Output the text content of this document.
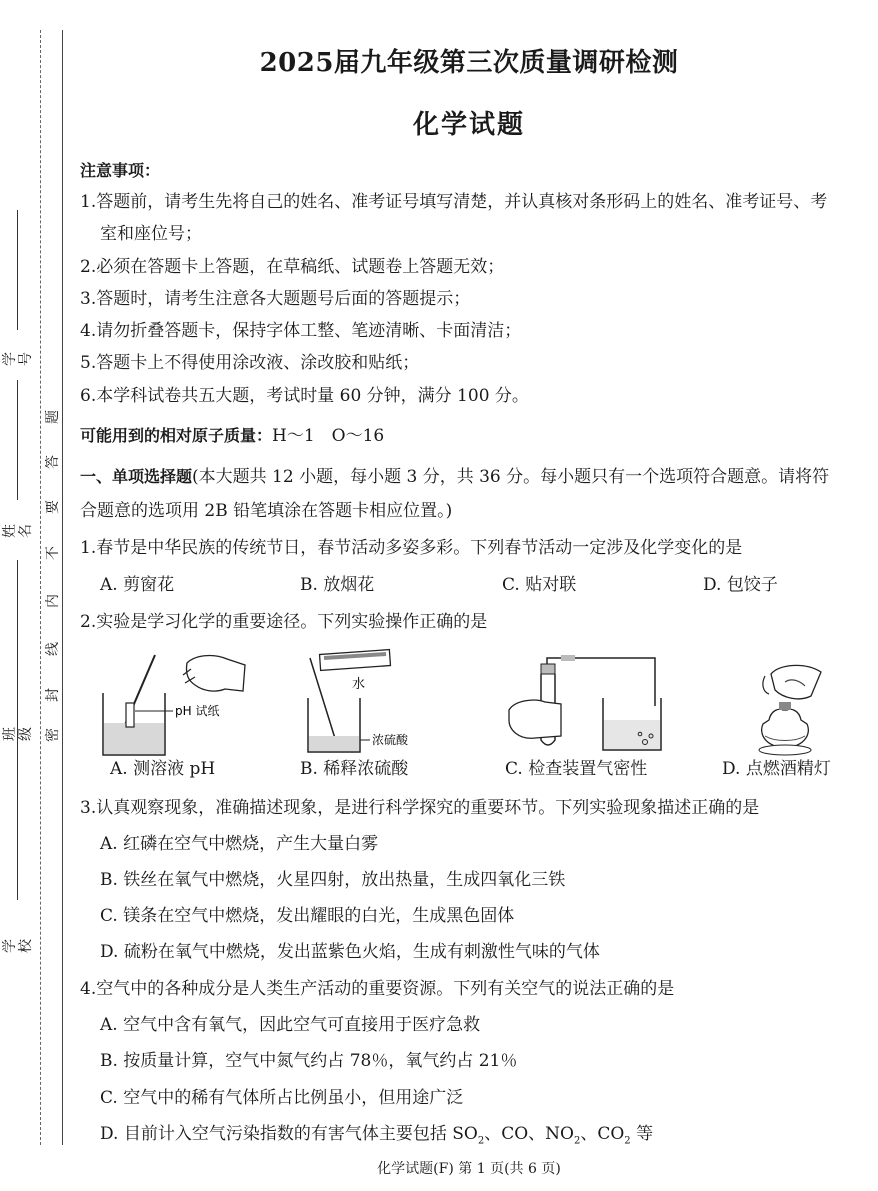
学 校
班 级
姓 名
学 号
密
封
线
内
不
要
答
题
2025届九年级第三次质量调研检测
化学试题
注意事项：
1.答题前，请考生先将自己的姓名、准考证号填写清楚，并认真核对条形码上的姓名、准考证号、考
室和座位号；
2.必须在答题卡上答题，在草稿纸、试题卷上答题无效；
3.答题时，请考生注意各大题题号后面的答题提示；
4.请勿折叠答题卡，保持字体工整、笔迹清晰、卡面清洁；
5.答题卡上不得使用涂改液、涂改胶和贴纸；
6.本学科试卷共五大题，考试时量 60 分钟，满分 100 分。
可能用到的相对原子质量：H～1　O～16
一、单项选择题(本大题共 12 小题，每小题 3 分，共 36 分。每小题只有一个选项符合题意。请将符
合题意的选项用 2B 铅笔填涂在答题卡相应位置。)
1.春节是中华民族的传统节日，春节活动多姿多彩。下列春节活动一定涉及化学变化的是
A. 剪窗花	B. 放烟花	C. 贴对联	D. 包饺子
2.实验是学习化学的重要途径。下列实验操作正确的是
pH 试纸
A. 测溶液 pH
水
浓硫酸
B. 稀释浓硫酸	C. 检查装置气密性	D. 点燃酒精灯
3.认真观察现象，准确描述现象，是进行科学探究的重要环节。下列实验现象描述正确的是
A. 红磷在空气中燃烧，产生大量白雾
B. 铁丝在氧气中燃烧，火星四射，放出热量，生成四氧化三铁
C. 镁条在空气中燃烧，发出耀眼的白光，生成黑色固体
D. 硫粉在氧气中燃烧，发出蓝紫色火焰，生成有刺激性气味的气体
4.空气中的各种成分是人类生产活动的重要资源。下列有关空气的说法正确的是
A. 空气中含有氧气，因此空气可直接用于医疗急救
B. 按质量计算，空气中氮气约占 78％，氧气约占 21％
C. 空气中的稀有气体所占比例虽小，但用途广泛
D. 目前计入空气污染指数的有害气体主要包括 $SO_2$、CO、$NO_2$、$CO_2$ 等
化学试题(F) 第 1 页(共 6 页)
